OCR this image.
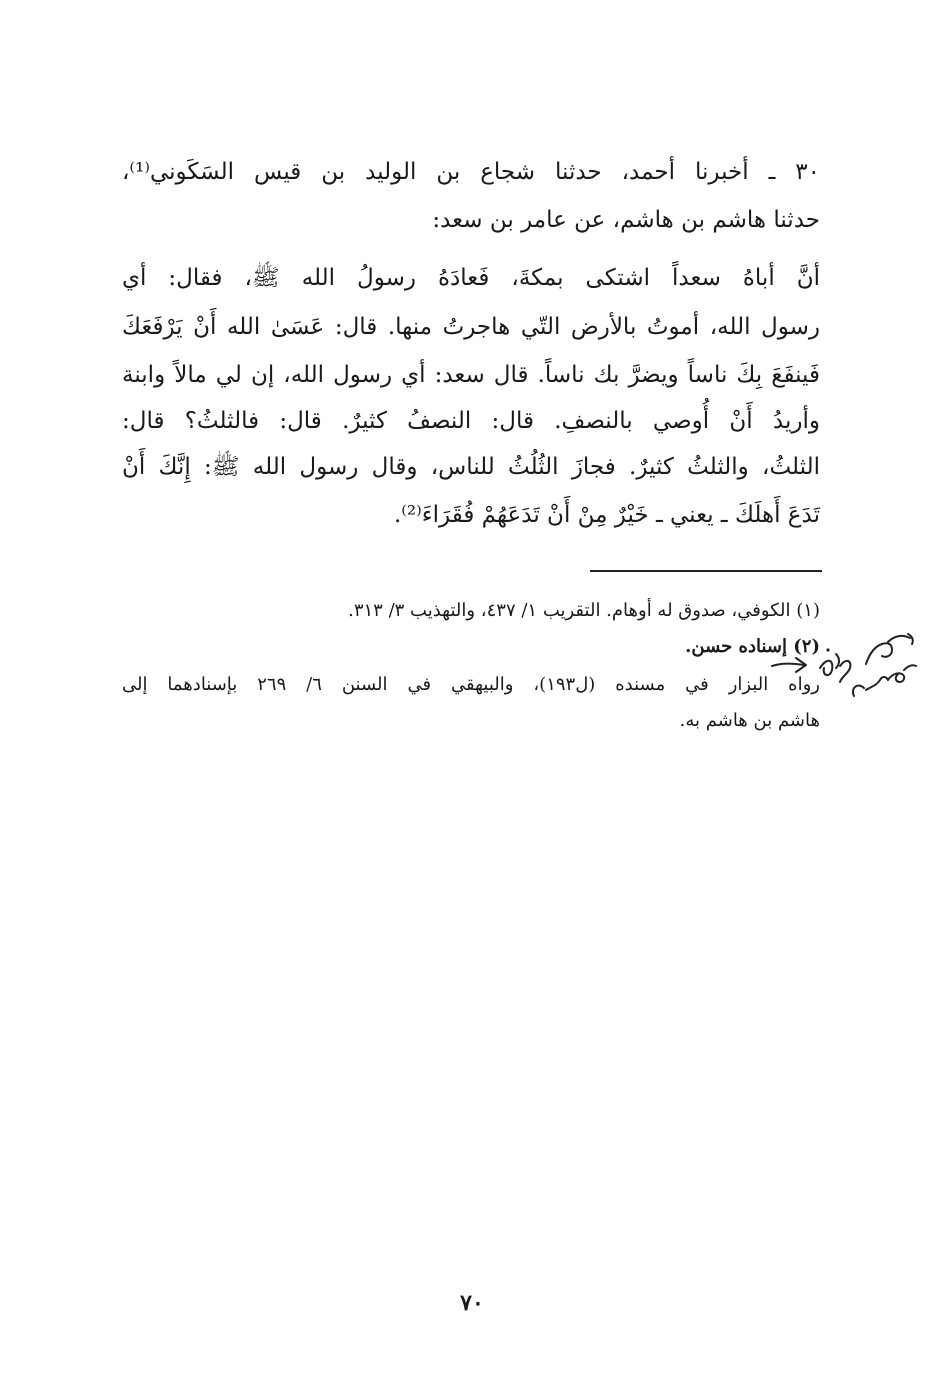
٣٠ ـ أخبرنا أحمد، حدثنا شجاع بن الوليد بن قيس السَكَوني⁽¹⁾،
حدثنا هاشم بن هاشم، عن عامر بن سعد:
أنَّ أباهُ سعداً اشتكى بمكةَ، فَعادَهُ رسولُ الله ﷺ، فقال: أي
رسول الله، أموتُ بالأرض التّي هاجرتُ منها. قال: عَسَىٰ الله أَنْ يَرْفَعَكَ
فَينفَعَ بِكَ ناساً ويضرَّ بك ناساً. قال سعد: أي رسول الله، إن لي مالاً وابنة
وأريدُ أَنْ أُوصي بالنصفِ. قال: النصفُ كثيرٌ. قال: فالثلثُ؟ قال:
الثلثُ، والثلثُ كثيرٌ. فجازَ الثُلُثُ للناس، وقال رسول الله ﷺ: إِنَّكَ أَنْ
تَدَعَ أَهلَكَ ـ يعني ـ خَيْرٌ مِنْ أَنْ تَدَعَهُمْ فُقَرَاءَ⁽²⁾.
(١) الكوفي، صدوق له أوهام. التقريب ١/ ٤٣٧، والتهذيب ٣/ ٣١٣.
(٢) إسناده حسن.
رواه البزار في مسنده (ل١٩٣)، والبيهقي في السنن ٦/ ٢٦٩ بإسنادهما إلى
هاشم بن هاشم به.
٧٠
